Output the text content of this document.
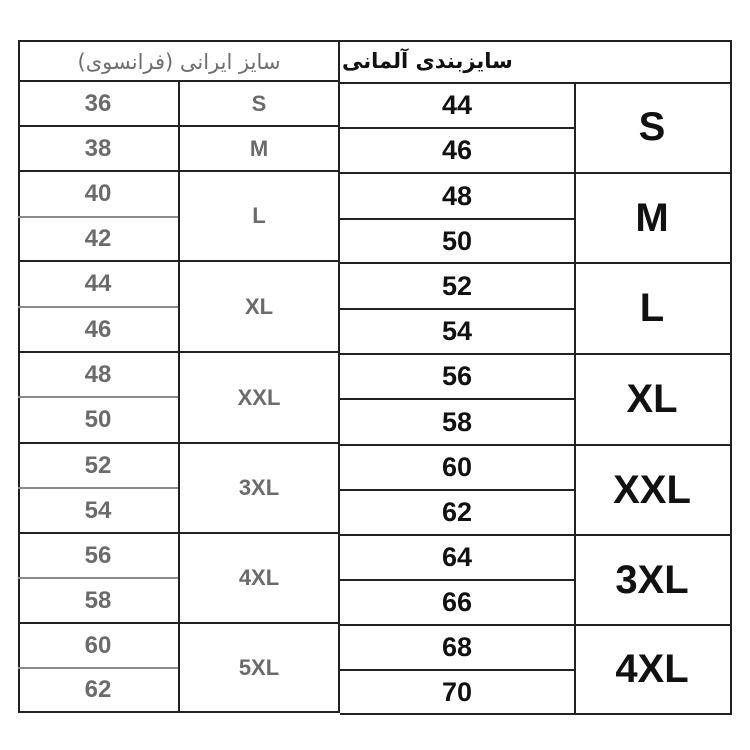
سایز ایرانی (فرانسوی)	سایزبندی آلمانی
36
38
40
42
44
46
48
50
52
54
56
58
60
62
S
M
L
XL
XXL
3XL
4XL
5XL
44
46
48
50
52
54
56
58
60
62
64
66
68
70
S
M
L
XL
XXL
3XL
4XL
